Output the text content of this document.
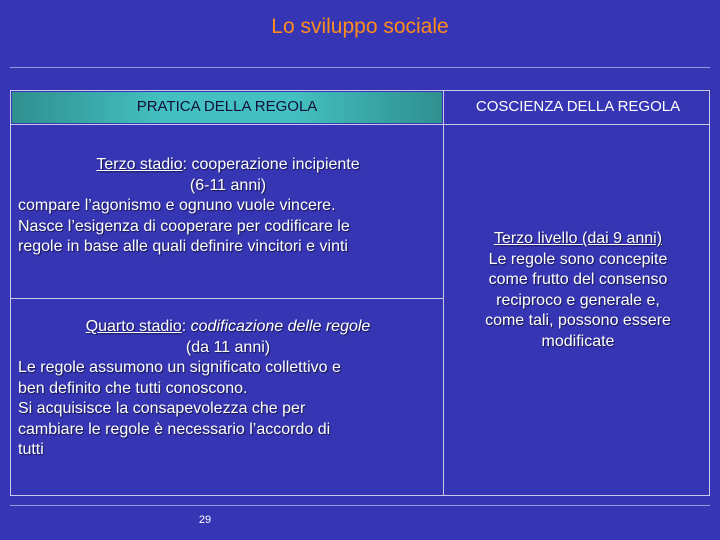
Lo sviluppo sociale
PRATICA DELLA REGOLA	COSCIENZA DELLA REGOLA
Terzo stadio: cooperazione incipiente
(6-11 anni)
compare l’agonismo e ognuno vuole vincere.
Nasce l’esigenza di cooperare per codificare le
regole in base alle quali definire vincitori e vinti
Quarto stadio: codificazione delle regole
(da 11 anni)
Le regole assumono un significato collettivo e
ben definito che tutti conoscono.
Si acquisisce la consapevolezza che per
cambiare le regole è necessario l’accordo di
tutti
Terzo livello (dai 9 anni)
Le regole sono concepite
come frutto del consenso
reciproco e generale e,
come tali, possono essere
modificate
29
